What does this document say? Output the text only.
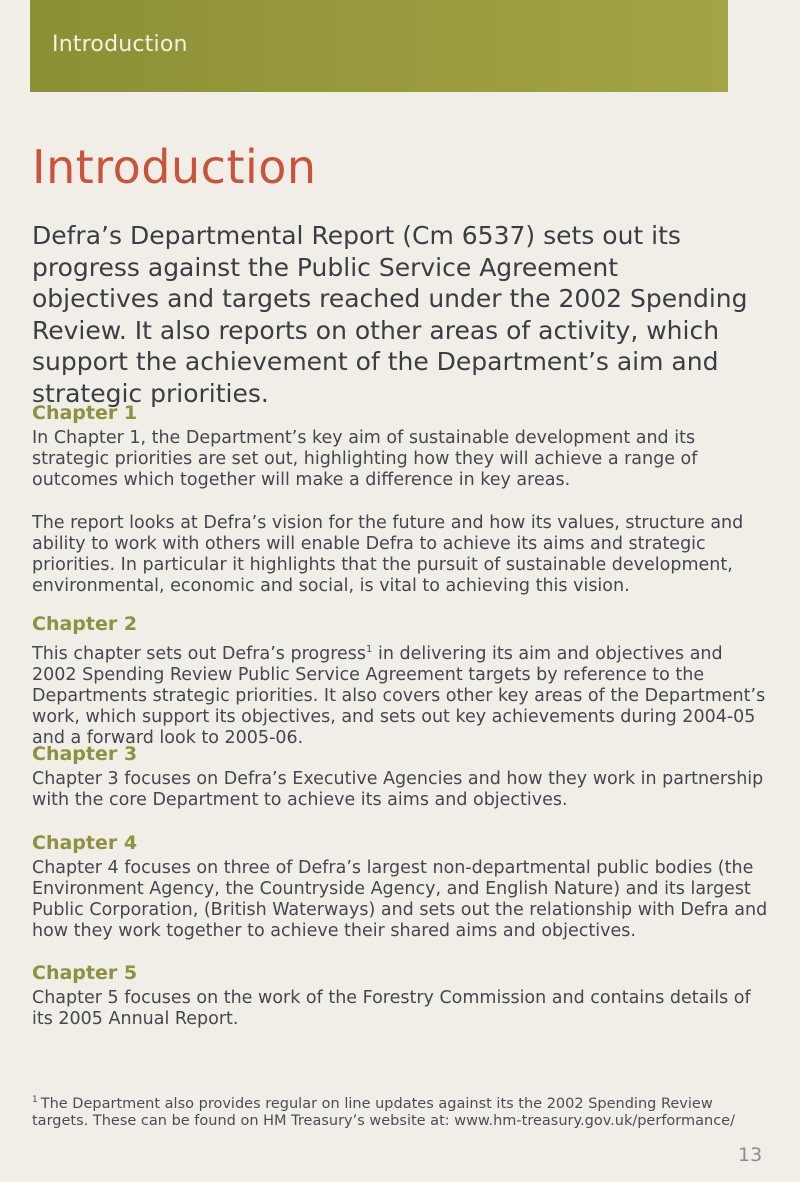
Introduction
Introduction

Defra’s Departmental Report (Cm 6537) sets out its progress against the Public Service Agreement objectives and targets reached under the 2002 Spending Review. It also reports on other areas of activity, which support the achievement of the Department’s aim and strategic priorities.

Chapter 1

In Chapter 1, the Department’s key aim of sustainable development and its strategic priorities are set out, highlighting how they will achieve a range of outcomes which together will make a difference in key areas.

The report looks at Defra’s vision for the future and how its values, structure and ability to work with others will enable Defra to achieve its aims and strategic priorities. In particular it highlights that the pursuit of sustainable development, environmental, economic and social, is vital to achieving this vision.

Chapter 2

This chapter sets out Defra’s progress$^1$ in delivering its aim and objectives and 2002 Spending Review Public Service Agreement targets by reference to the Departments strategic priorities. It also covers other key areas of the Department’s work, which support its objectives, and sets out key achievements during 2004-05 and a forward look to 2005-06.

Chapter 3

Chapter 3 focuses on Defra’s Executive Agencies and how they work in partnership with the core Department to achieve its aims and objectives.

Chapter 4

Chapter 4 focuses on three of Defra’s largest non-departmental public bodies (the Environment Agency, the Countryside Agency, and English Nature) and its largest Public Corporation, (British Waterways) and sets out the relationship with Defra and how they work together to achieve their shared aims and objectives.

Chapter 5

Chapter 5 focuses on the work of the Forestry Commission and contains details of its 2005 Annual Report.

$^1$ The Department also provides regular on line updates against its the 2002 Spending Review targets. These can be found on HM Treasury’s website at: www.hm-treasury.gov.uk/performance/
13
